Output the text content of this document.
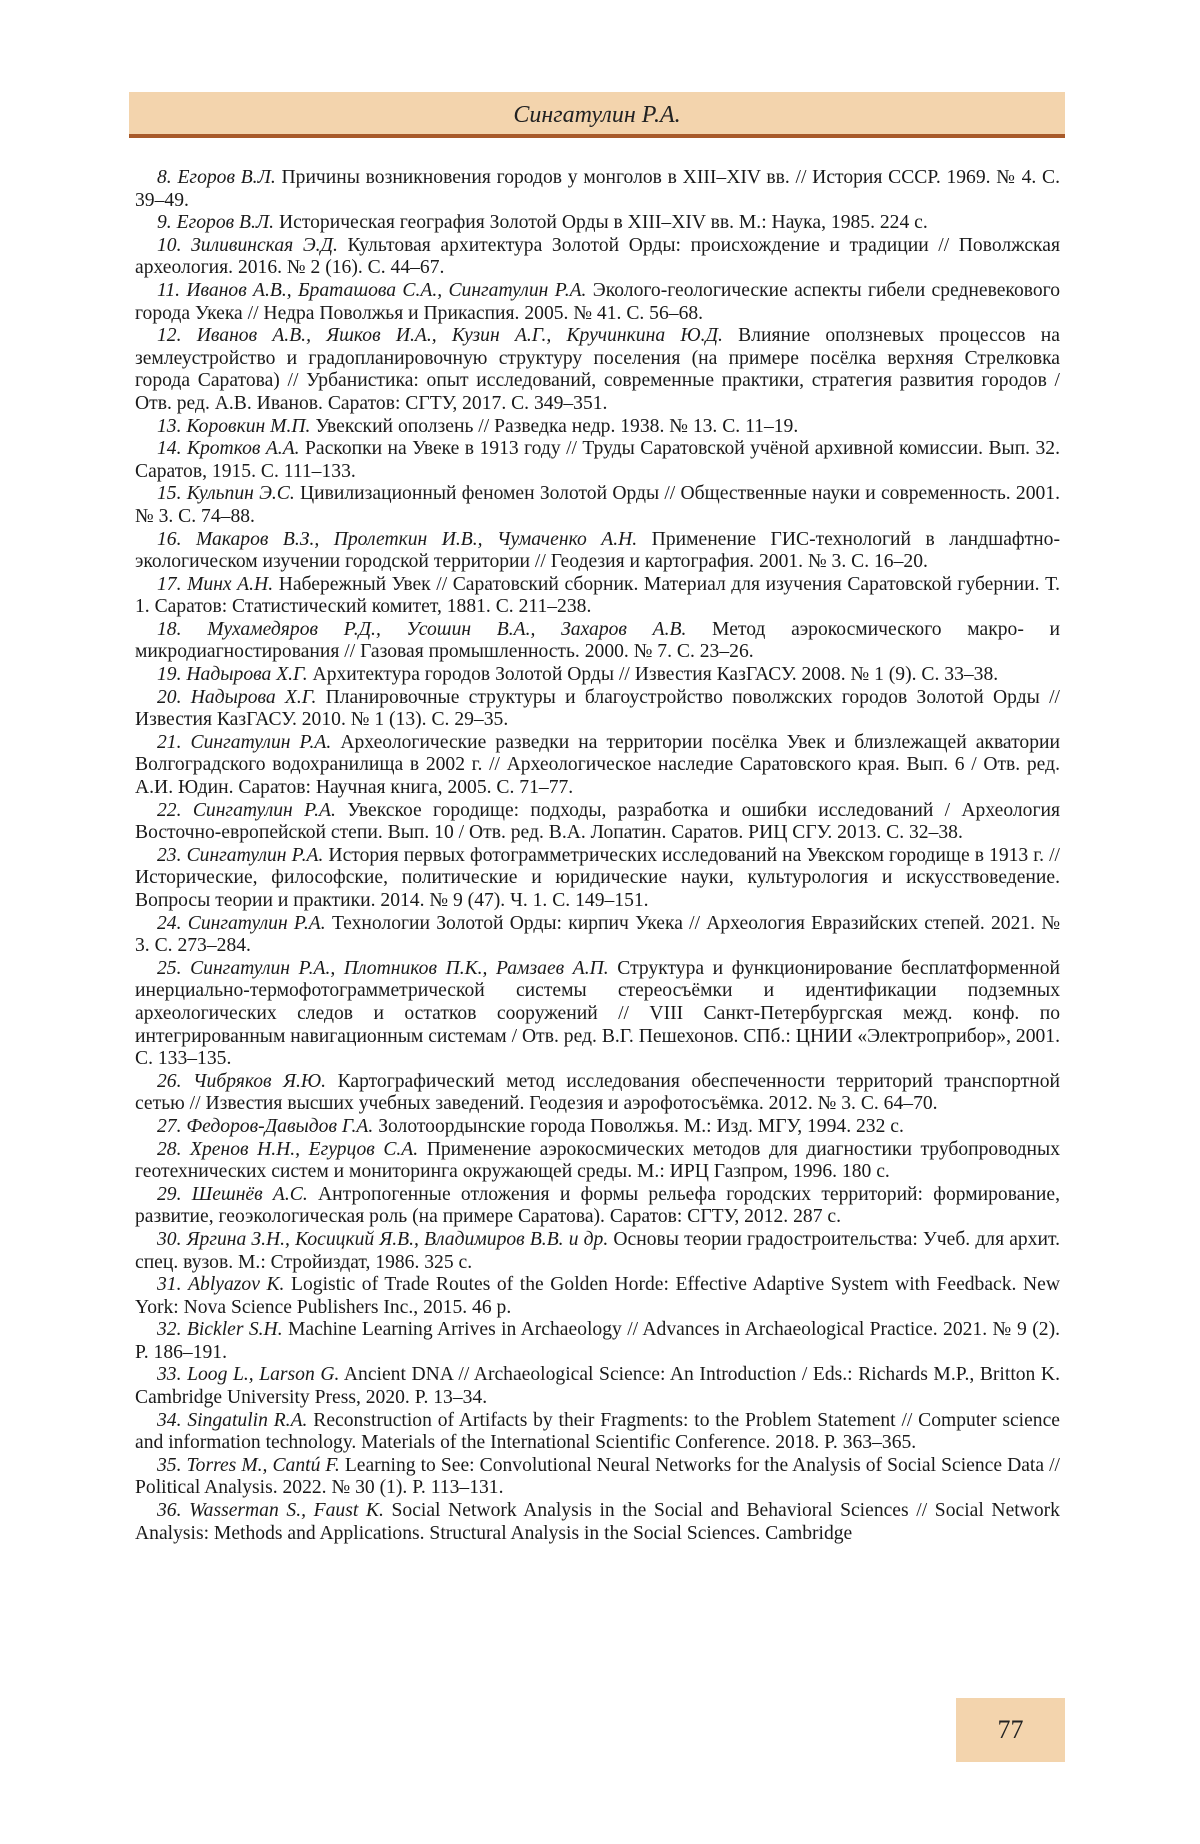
Сингатулин Р.А.

8. Егоров В.Л. Причины возникновения городов у монголов в XIII–XIV вв. // История СССР. 1969. № 4. С. 39–49.

9. Егоров В.Л. Историческая география Золотой Орды в XIII–XIV вв. М.: Наука, 1985. 224 с.

10. Зиливинская Э.Д. Культовая архитектура Золотой Орды: происхождение и традиции // Поволжская археология. 2016. № 2 (16). С. 44–67.

11. Иванов А.В., Браташова С.А., Сингатулин Р.А. Эколого-геологические аспекты гибели средневекового города Укека // Недра Поволжья и Прикаспия. 2005. № 41. С. 56–68.

12. Иванов А.В., Яшков И.А., Кузин А.Г., Кручинкина Ю.Д. Влияние оползневых процессов на землеустройство и градопланировочную структуру поселения (на примере посёлка верхняя Стрелковка города Саратова) // Урбанистика: опыт исследований, современные практики, стратегия развития городов / Отв. ред. А.В. Иванов. Саратов: СГТУ, 2017. С. 349–351.

13. Коровкин М.П. Увекский оползень // Разведка недр. 1938. № 13. С. 11–19.

14. Кротков А.А. Раскопки на Увеке в 1913 году // Труды Саратовской учёной архивной комиссии. Вып. 32. Саратов, 1915. С. 111–133.

15. Кульпин Э.С. Цивилизационный феномен Золотой Орды // Общественные науки и современность. 2001. № 3. С. 74–88.

16. Макаров В.З., Пролеткин И.В., Чумаченко А.Н. Применение ГИС-технологий в ландшафтно-экологическом изучении городской территории // Геодезия и картография. 2001. № 3. С. 16–20.

17. Минх А.Н. Набережный Увек // Саратовский сборник. Материал для изучения Саратовской губернии. Т. 1. Саратов: Статистический комитет, 1881. С. 211–238.

18. Мухамедяров Р.Д., Усошин В.А., Захаров А.В. Метод аэрокосмического макро- и микродиагностирования // Газовая промышленность. 2000. № 7. С. 23–26.

19. Надырова Х.Г. Архитектура городов Золотой Орды // Известия КазГАСУ. 2008. № 1 (9). С. 33–38.

20. Надырова Х.Г. Планировочные структуры и благоустройство поволжских городов Золотой Орды // Известия КазГАСУ. 2010. № 1 (13). С. 29–35.

21. Сингатулин Р.А. Археологические разведки на территории посёлка Увек и близлежащей акватории Волгоградского водохранилища в 2002 г. // Археологическое наследие Саратовского края. Вып. 6 / Отв. ред. А.И. Юдин. Саратов: Научная книга, 2005. С. 71–77.

22. Сингатулин Р.А. Увекское городище: подходы, разработка и ошибки исследований / Археология Восточно-европейской степи. Вып. 10 / Отв. ред. В.А. Лопатин. Саратов. РИЦ СГУ. 2013. С. 32–38.

23. Сингатулин Р.А. История первых фотограмметрических исследований на Увекском городище в 1913 г. // Исторические, философские, политические и юридические науки, культурология и искусствоведение. Вопросы теории и практики. 2014. № 9 (47). Ч. 1. С. 149–151.

24. Сингатулин Р.А. Технологии Золотой Орды: кирпич Укека // Археология Евразийских степей. 2021. № 3. С. 273–284.

25. Сингатулин Р.А., Плотников П.К., Рамзаев А.П. Структура и функционирование бесплатформенной инерциально-термофотограмметрической системы стереосъёмки и идентификации подземных археологических следов и остатков сооружений // VIII Санкт-Петербургская межд. конф. по интегрированным навигационным системам / Отв. ред. В.Г. Пешехонов. СПб.: ЦНИИ «Электроприбор», 2001. С. 133–135.

26. Чибряков Я.Ю. Картографический метод исследования обеспеченности территорий транспортной сетью // Известия высших учебных заведений. Геодезия и аэрофотосъёмка. 2012. № 3. С. 64–70.

27. Федоров-Давыдов Г.А. Золотоордынские города Поволжья. М.: Изд. МГУ, 1994. 232 с.

28. Хренов Н.Н., Егурцов С.А. Применение аэрокосмических методов для диагностики трубопроводных геотехнических систем и мониторинга окружающей среды. М.: ИРЦ Газпром, 1996. 180 с.

29. Шешнёв А.С. Антропогенные отложения и формы рельефа городских территорий: формирование, развитие, геоэкологическая роль (на примере Саратова). Саратов: СГТУ, 2012. 287 с.

30. Яргина З.Н., Косицкий Я.В., Владимиров В.В. и др. Основы теории градостроительства: Учеб. для архит. спец. вузов. М.: Стройиздат, 1986. 325 с.

31. Ablyazov K. Logistic of Trade Routes of the Golden Horde: Effective Adaptive System with Feedback. New York: Nova Science Publishers Inc., 2015. 46 p.

32. Bickler S.H. Machine Learning Arrives in Archaeology // Advances in Archaeological Practice. 2021. № 9 (2). P. 186–191.

33. Loog L., Larson G. Ancient DNA // Archaeological Science: An Introduction / Eds.: Richards M.P., Britton K. Cambridge University Press, 2020. P. 13–34.

34. Singatulin R.A. Reconstruction of Artifacts by their Fragments: to the Problem Statement // Computer science and information technology. Materials of the International Scientific Conference. 2018. P. 363–365.

35. Torres M., Cantú F. Learning to See: Convolutional Neural Networks for the Analysis of Social Science Data // Political Analysis. 2022. № 30 (1). P. 113–131.

36. Wasserman S., Faust K. Social Network Analysis in the Social and Behavioral Sciences // Social Network Analysis: Methods and Applications. Structural Analysis in the Social Sciences. Cambridge

77
